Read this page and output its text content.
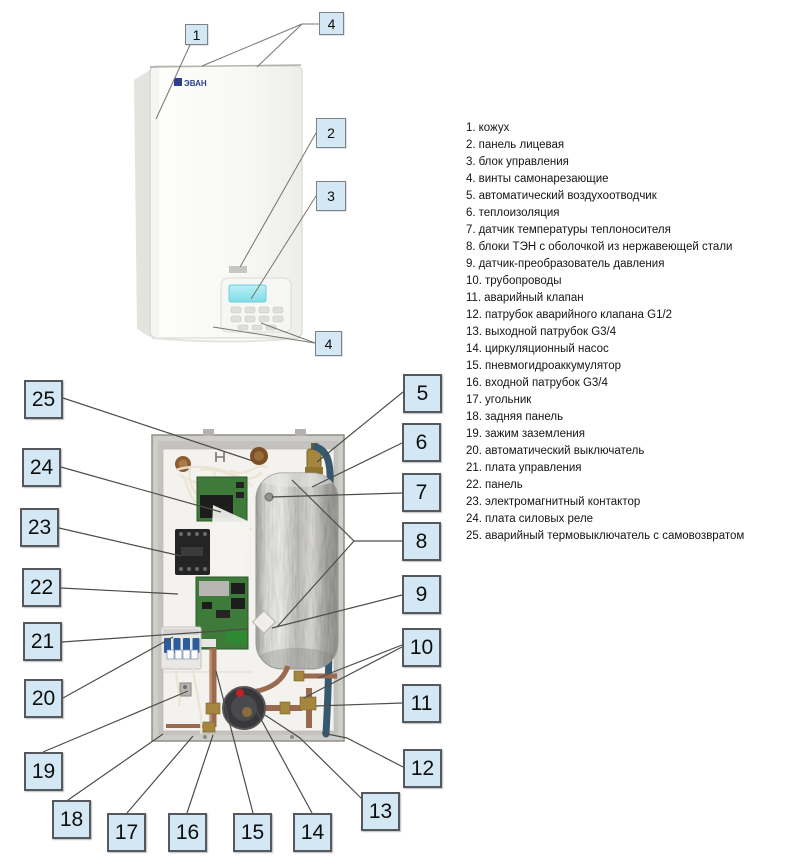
ЭВАН
1
4
2
3
4
25
24
23
22
21
20
19
18
17	16	15	14
13
12
11
10
9
8
7
6
5
1. кожух
2. панель лицевая
3. блок управления
4. винты самонарезающие
5. автоматический воздухоотводчик
6. теплоизоляция
7. датчик температуры теплоносителя
8. блоки ТЭН с оболочкой из нержавеющей стали
9. датчик-преобразователь давления
10. трубопроводы
11. аварийный клапан
12. патрубок аварийного клапана G1/2
13. выходной патрубок G3/4
14. циркуляционный насос
15. пневмогидроаккумулятор
16. входной патрубок G3/4
17. угольник
18. задняя панель
19. зажим заземления
20. автоматический выключатель
21. плата управления
22. панель
23. электромагнитный контактор
24. плата силовых реле
25. аварийный термовыключатель с самовозвратом
